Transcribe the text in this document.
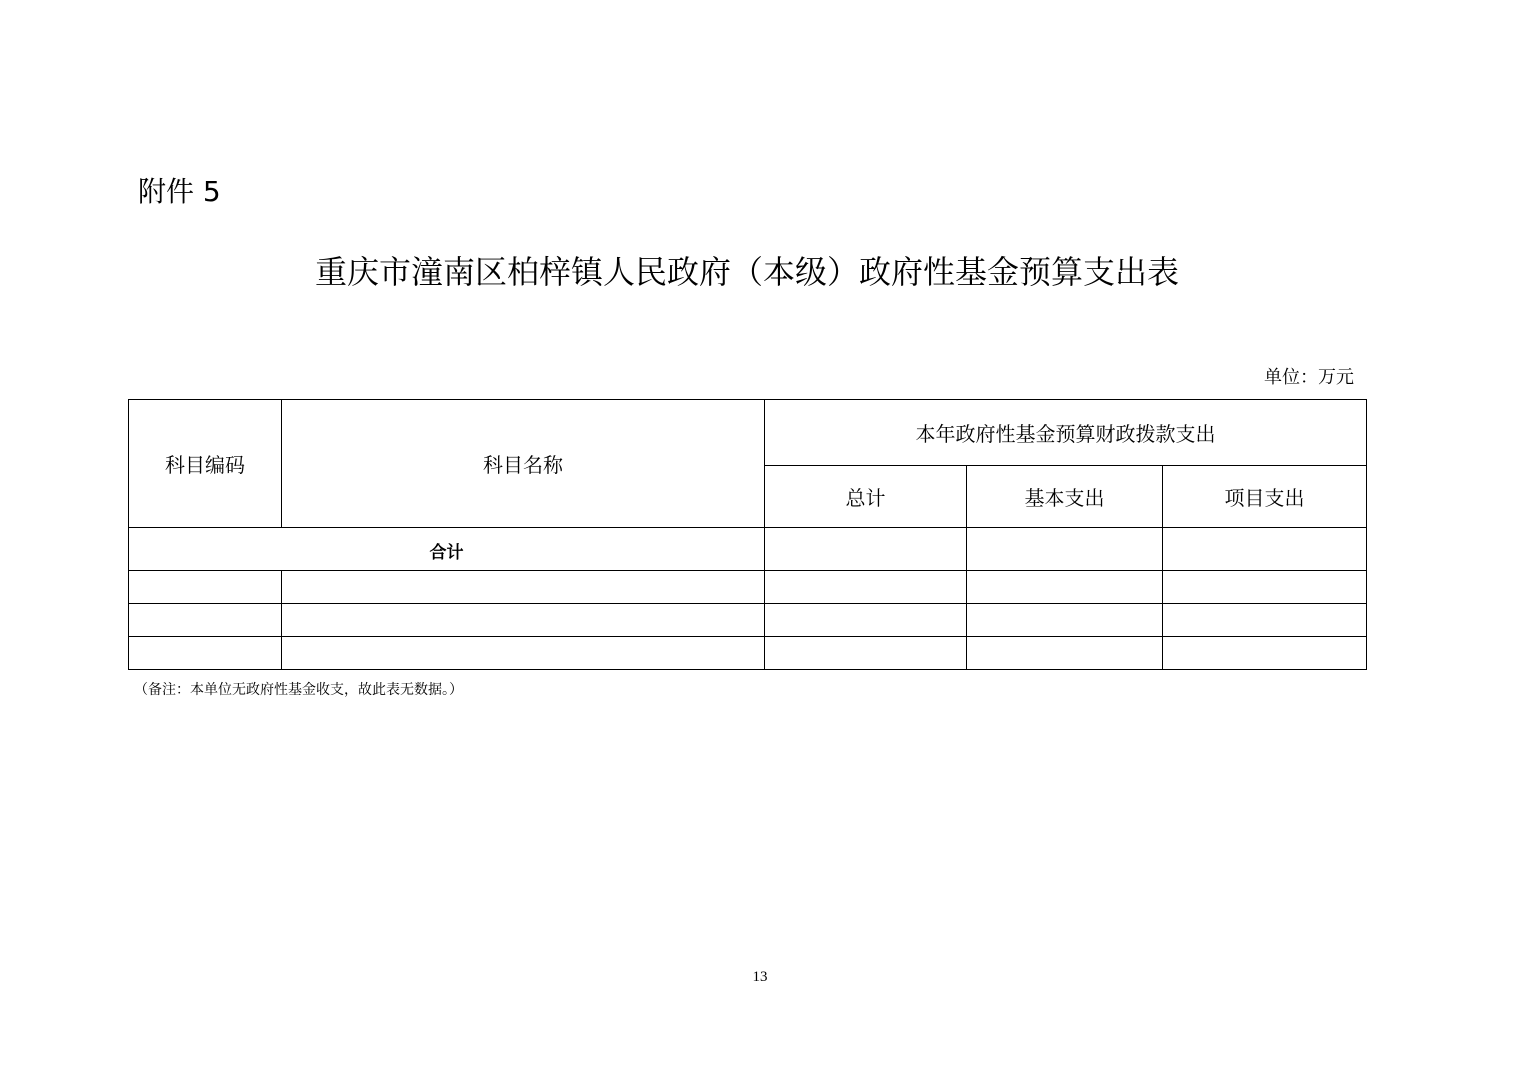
附件 5
重庆市潼南区柏梓镇人民政府（本级）政府性基金预算支出表
单位：万元
科目编码	科目名称	本年政府性基金预算财政拨款支出		
		总计	基本支出	项目支出
合计				

（备注：本单位无政府性基金收支，故此表无数据。）
13
